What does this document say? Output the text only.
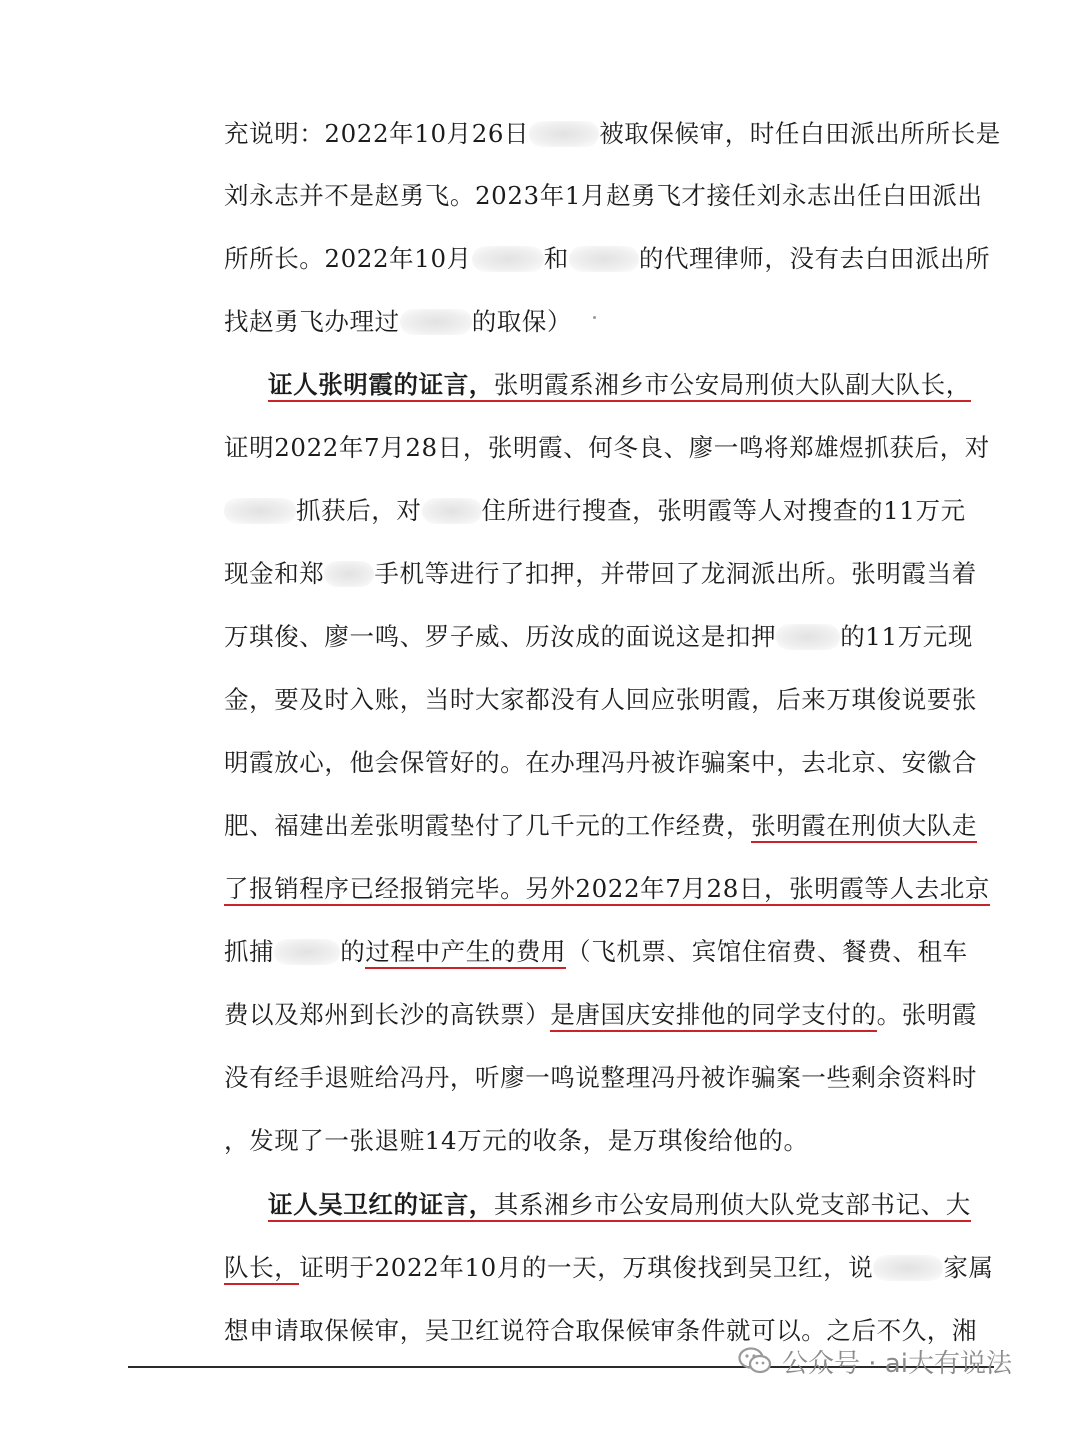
充说明：2022年10月26日	被取保候审，时任白田派出所所长是
刘永志并不是赵勇飞。2023年1月赵勇飞才接任刘永志出任白田派出
所所长。2022年10月	和	的代理律师，没有去白田派出所
找赵勇飞办理过	的取保）
证人张明霞的证言，张明霞系湘乡市公安局刑侦大队副大队长，
证明2022年7月28日，张明霞、何冬良、廖一鸣将郑雄煜抓获后，对
抓获后，对 住所进行搜查，张明霞等人对搜查的11万元
现金和郑 手机等进行了扣押，并带回了龙洞派出所。张明霞当着
万琪俊、廖一鸣、罗子威、历汝成的面说这是扣押	的11万元现
金，要及时入账，当时大家都没有人回应张明霞，后来万琪俊说要张
明霞放心，他会保管好的。在办理冯丹被诈骗案中，去北京、安徽合
肥、福建出差张明霞垫付了几千元的工作经费，张明霞在刑侦大队走
了报销程序已经报销完毕。另外2022年7月28日，张明霞等人去北京
抓捕	的过程中产生的费用（飞机票、宾馆住宿费、餐费、租车
费以及郑州到长沙的高铁票）是唐国庆安排他的同学支付的。张明霞
没有经手退赃给冯丹，听廖一鸣说整理冯丹被诈骗案一些剩余资料时
，发现了一张退赃14万元的收条，是万琪俊给他的。
证人吴卫红的证言，其系湘乡市公安局刑侦大队党支部书记、大
队长，证明于2022年10月的一天，万琪俊找到吴卫红，说	家属
想申请取保候审，吴卫红说符合取保候审条件就可以。之后不久，湘
公众号 · ai大有说法
